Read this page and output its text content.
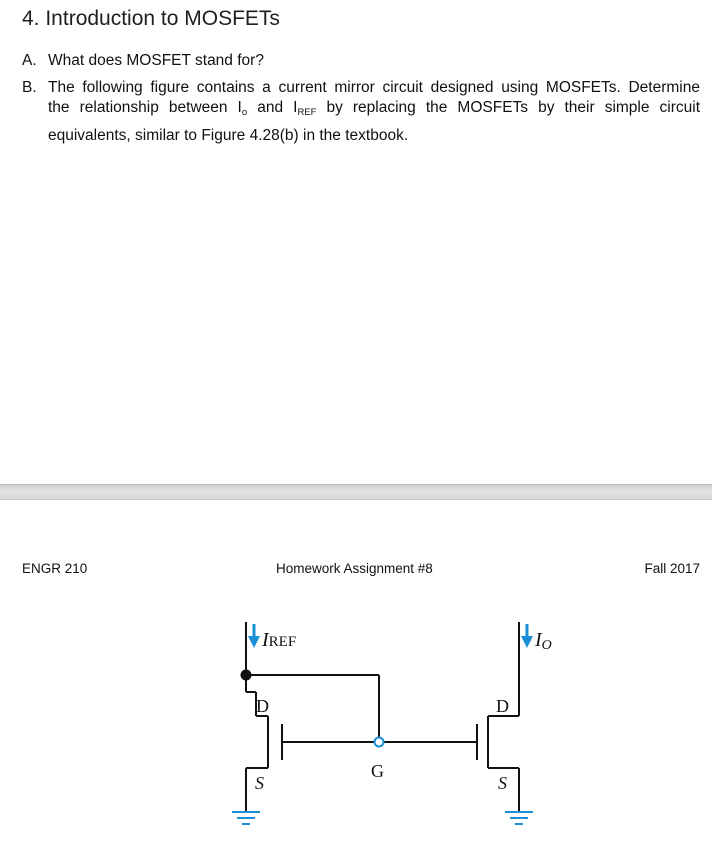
4. Introduction to MOSFETs
A. What does MOSFET stand for?
B. The following figure contains a current mirror circuit designed using MOSFETs. Determine
the relationship between $I_o$ and $I_{REF}$ by replacing the MOSFETs by their simple circuit
equivalents, similar to Figure 4.28(b) in the textbook.
ENGR 210	Homework Assignment #8	Fall 2017
IREF	IO
D
S
G
D
S
